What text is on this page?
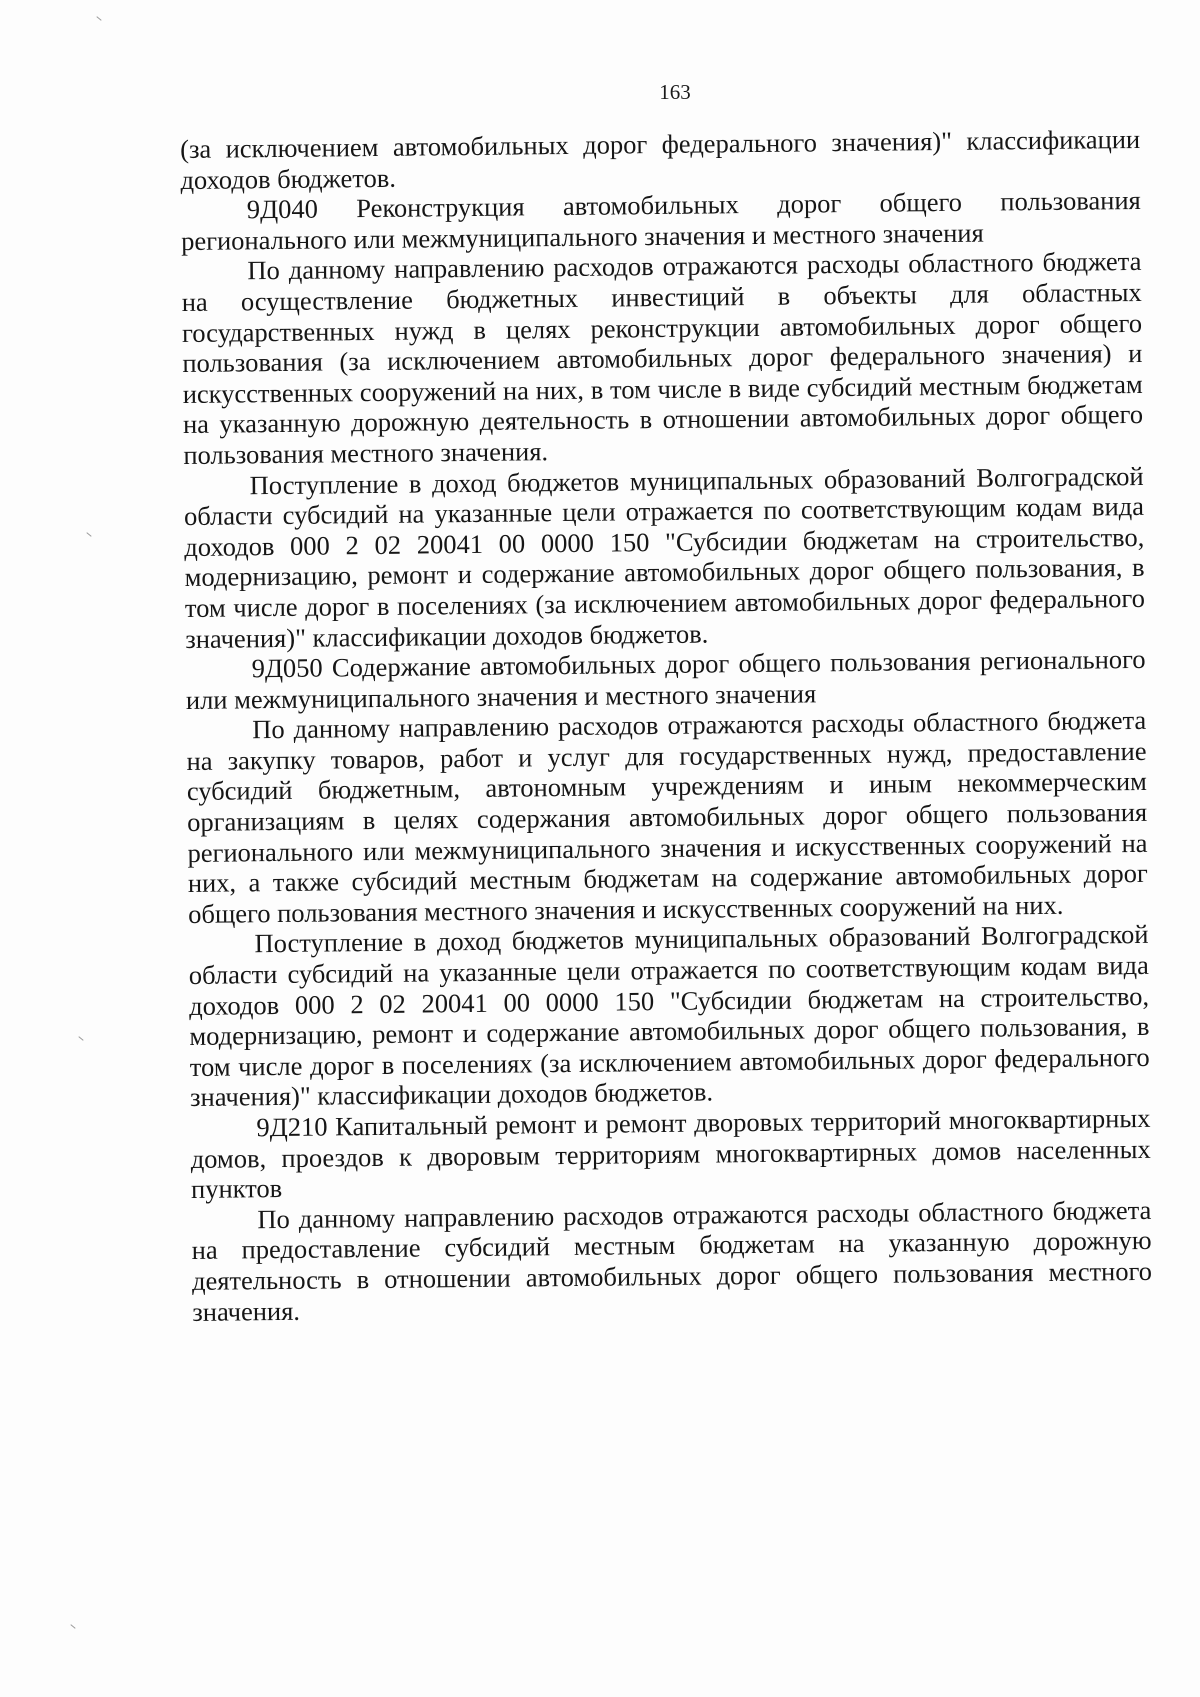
163

(за исключением автомобильных дорог федерального значения)" классификации доходов бюджетов.

9Д040 Реконструкция автомобильных дорог общего пользования регионального или межмуниципального значения и местного значения

По данному направлению расходов отражаются расходы областного бюджета на осуществление бюджетных инвестиций в объекты для областных государственных нужд в целях реконструкции автомобильных дорог общего пользования (за исключением автомобильных дорог федерального значения) и искусственных сооружений на них, в том числе в виде субсидий местным бюджетам на указанную дорожную деятельность в отношении автомобильных дорог общего пользования местного значения.

Поступление в доход бюджетов муниципальных образований Волгоградской области субсидий на указанные цели отражается по соответствующим кодам вида доходов 000 2 02 20041 00 0000 150 "Субсидии бюджетам на строительство, модернизацию, ремонт и содержание автомобильных дорог общего пользования, в том числе дорог в поселениях (за исключением автомобильных дорог федерального значения)" классификации доходов бюджетов.

9Д050 Содержание автомобильных дорог общего пользования регионального или межмуниципального значения и местного значения

По данному направлению расходов отражаются расходы областного бюджета на закупку товаров, работ и услуг для государственных нужд, предоставление субсидий бюджетным, автономным учреждениям и иным некоммерческим организациям в целях содержания автомобильных дорог общего пользования регионального или межмуниципального значения и искусственных сооружений на них, а также субсидий местным бюджетам на содержание автомобильных дорог общего пользования местного значения и искусственных сооружений на них.

Поступление в доход бюджетов муниципальных образований Волгоградской области субсидий на указанные цели отражается по соответствующим кодам вида доходов 000 2 02 20041 00 0000 150 "Субсидии бюджетам на строительство, модернизацию, ремонт и содержание автомобильных дорог общего пользования, в том числе дорог в поселениях (за исключением автомобильных дорог федерального значения)" классификации доходов бюджетов.

9Д210 Капитальный ремонт и ремонт дворовых территорий многоквартирных домов, проездов к дворовым территориям многоквартирных домов населенных пунктов

По данному направлению расходов отражаются расходы областного бюджета на предоставление субсидий местным бюджетам на указанную дорожную деятельность в отношении автомобильных дорог общего пользования местного значения.
